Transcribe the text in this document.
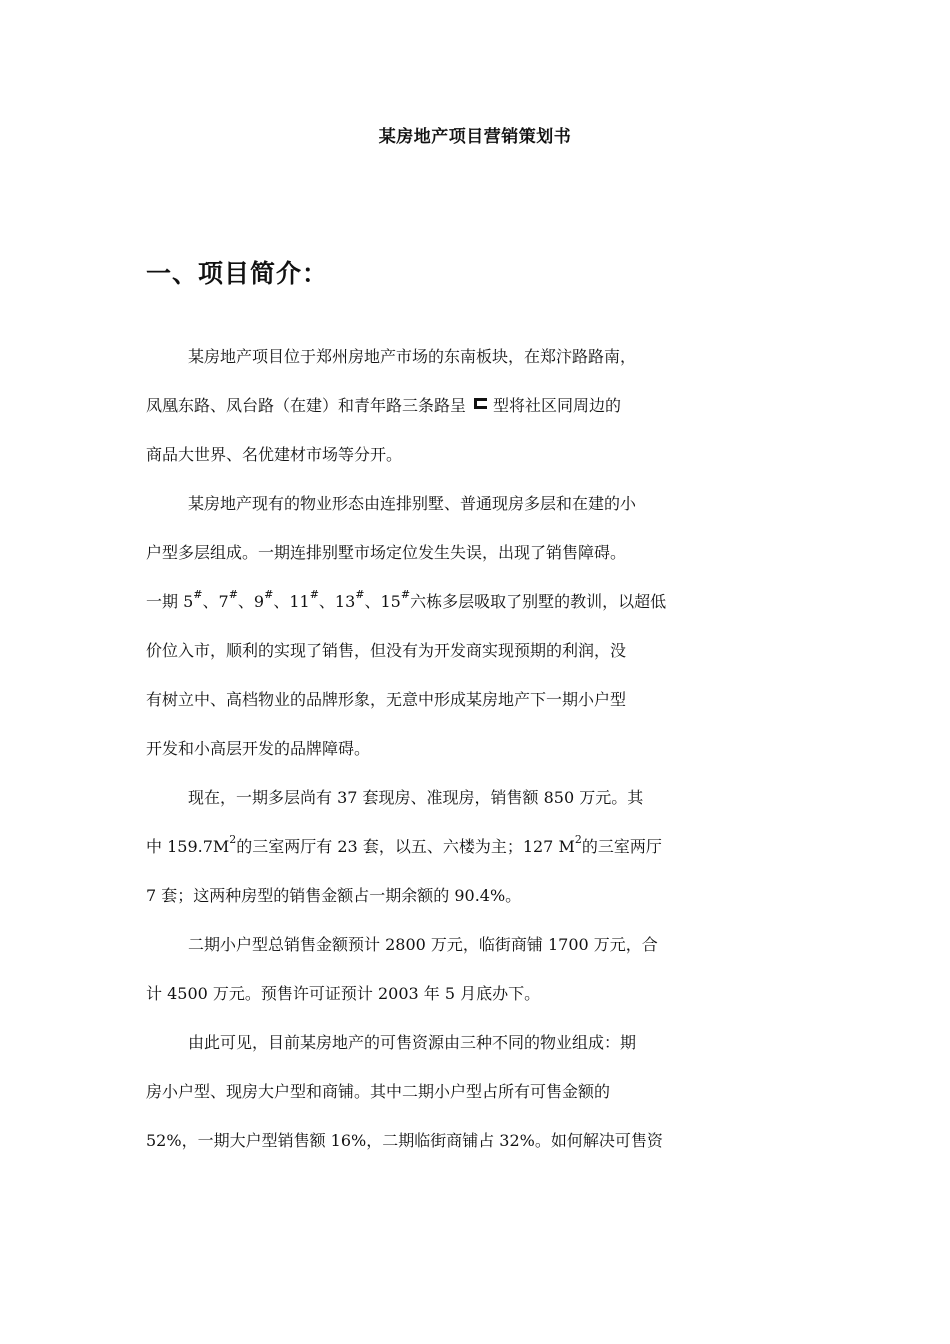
某房地产项目营销策划书
一、项目简介：
某房地产项目位于郑州房地产市场的东南板块，在郑汴路路南，
凤凰东路、凤台路（在建）和青年路三条路呈 型将社区同周边的
商品大世界、名优建材市场等分开。
某房地产现有的物业形态由连排别墅、普通现房多层和在建的小
户型多层组成。一期连排别墅市场定位发生失误，出现了销售障碍。
一期 5#、7#、9#、11#、13#、15#六栋多层吸取了别墅的教训，以超低
价位入市，顺利的实现了销售，但没有为开发商实现预期的利润，没
有树立中、高档物业的品牌形象，无意中形成某房地产下一期小户型
开发和小高层开发的品牌障碍。
现在，一期多层尚有 37 套现房、准现房，销售额 850 万元。其
中 $159.7M^2$的三室两厅有 23 套，以五、六楼为主；127 $M^2$的三室两厅
7 套；这两种房型的销售金额占一期余额的 90.4%。
二期小户型总销售金额预计 2800 万元，临街商铺 1700 万元，合
计 4500 万元。预售许可证预计 2003 年 5 月底办下。
由此可见，目前某房地产的可售资源由三种不同的物业组成：期
房小户型、现房大户型和商铺。其中二期小户型占所有可售金额的
52%，一期大户型销售额 16%，二期临街商铺占 32%。如何解决可售资
